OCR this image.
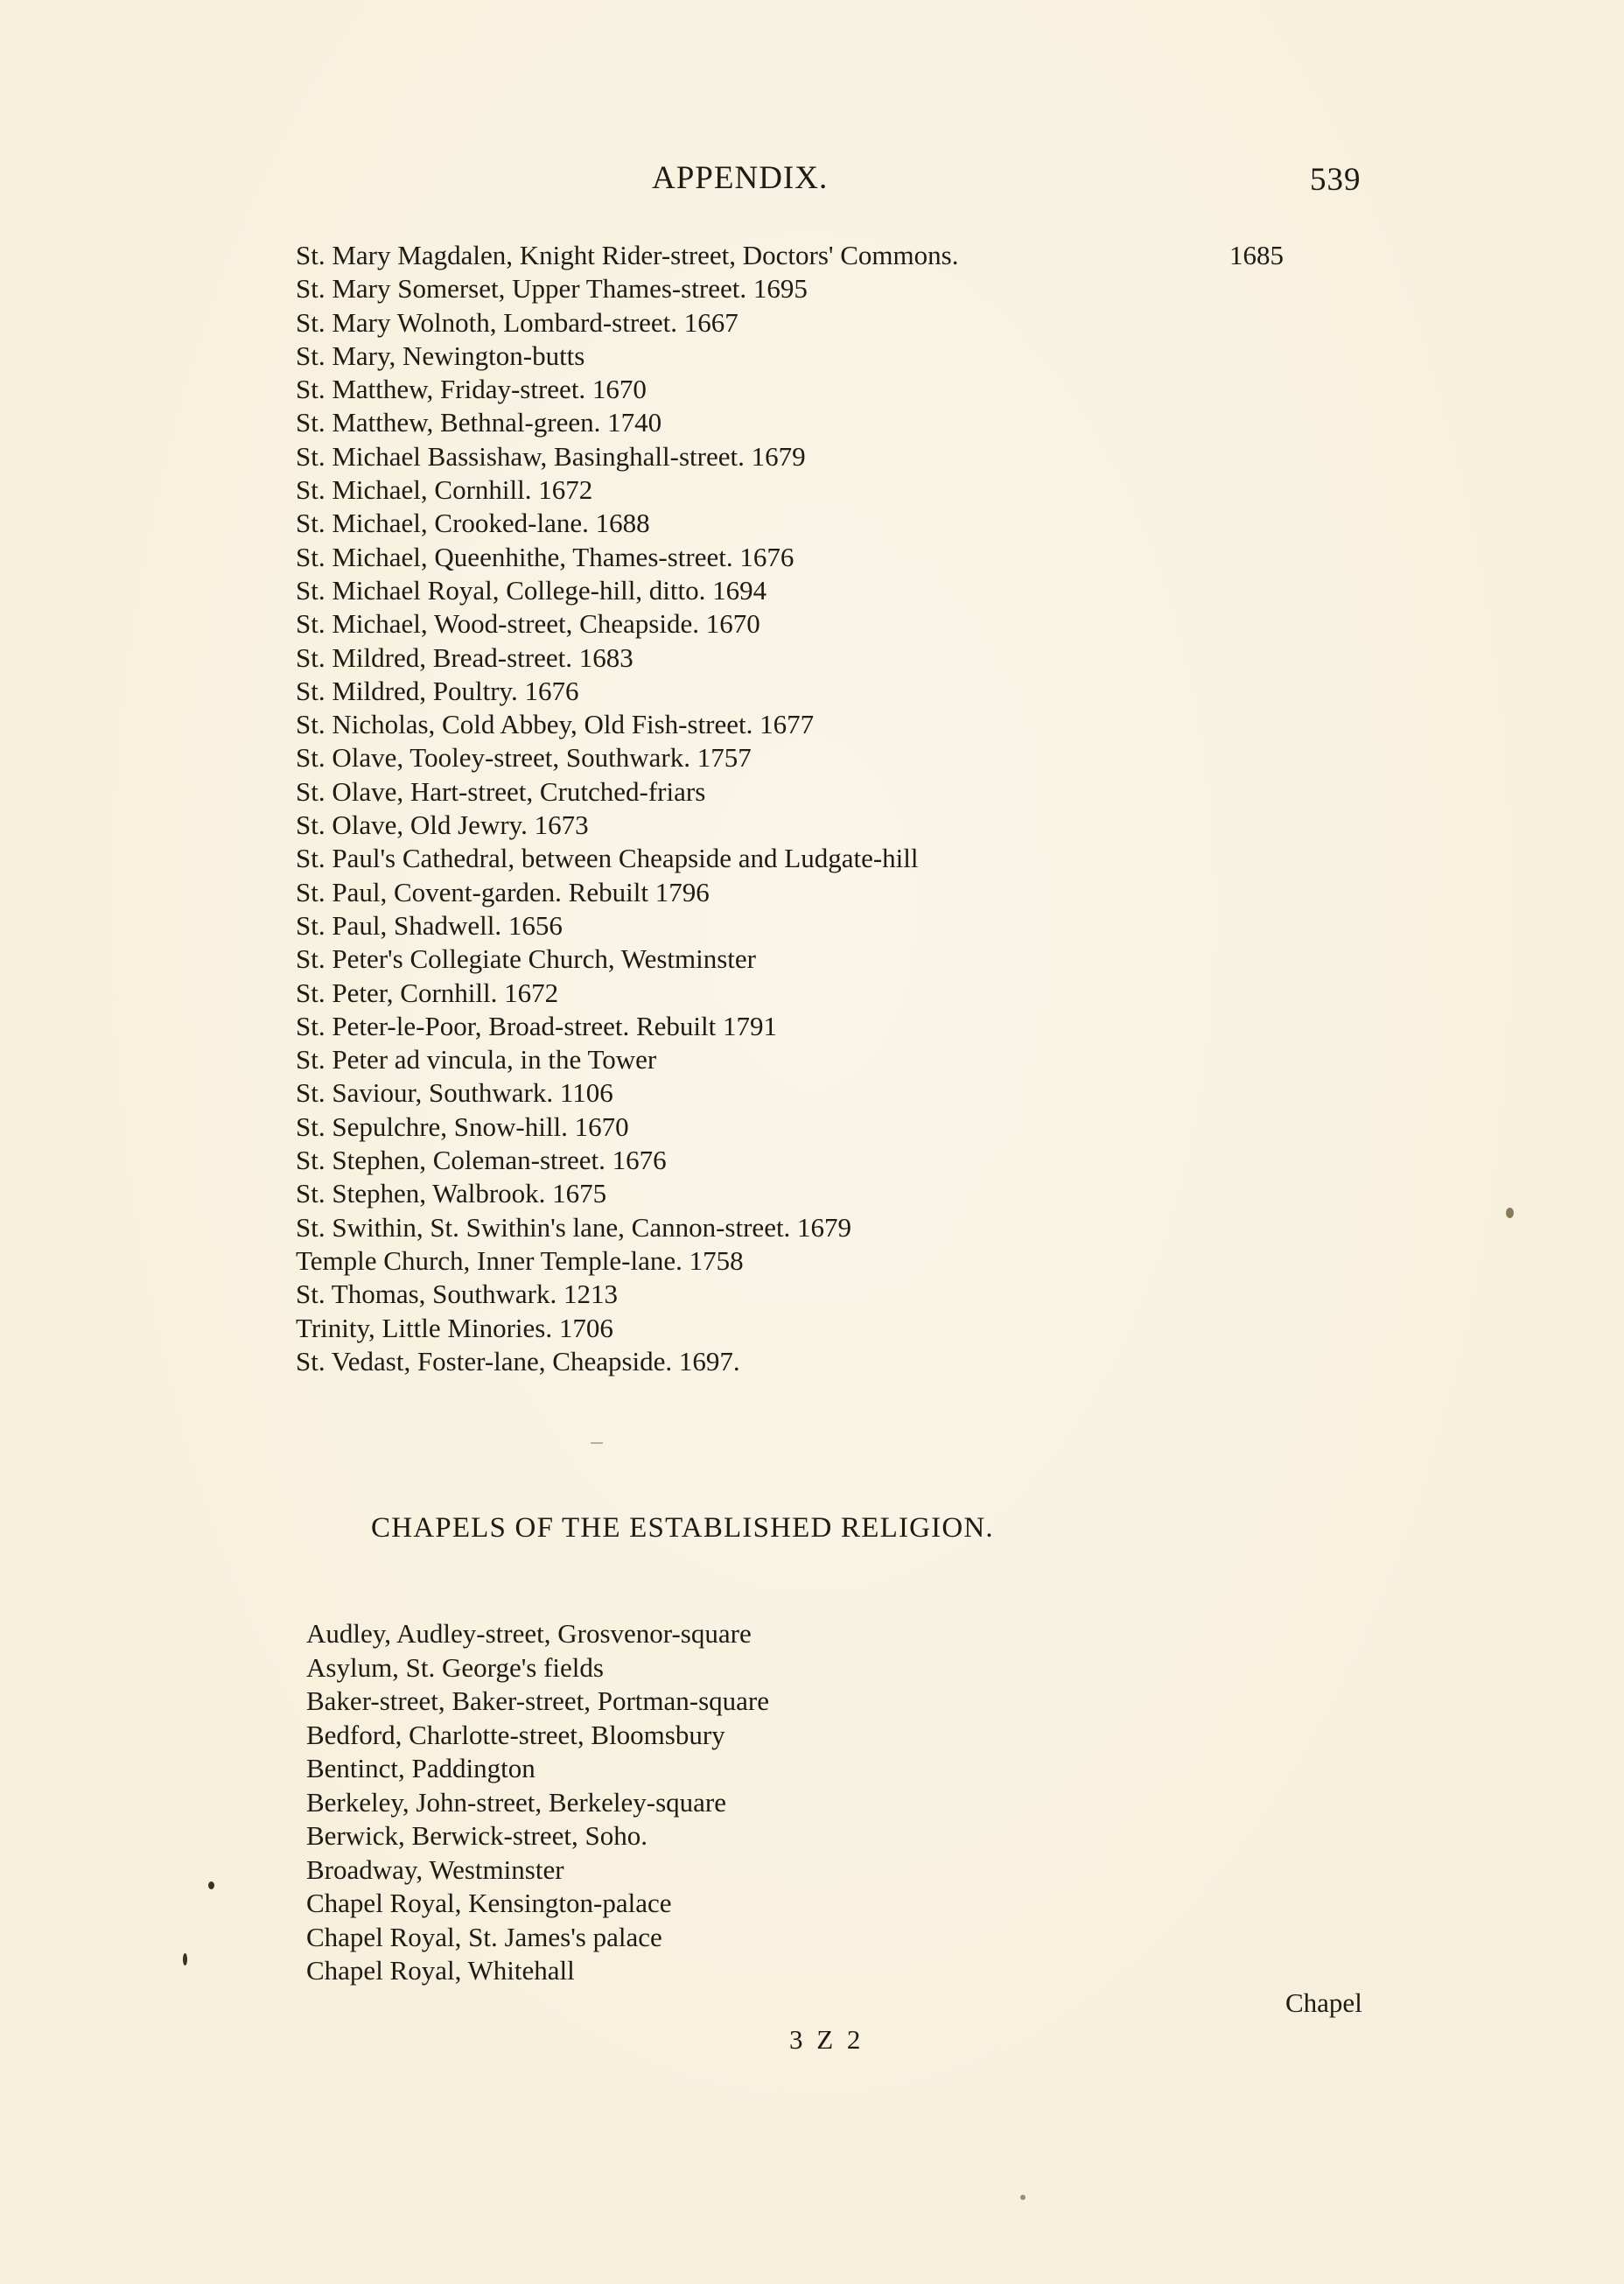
APPENDIX.	539
St. Mary Magdalen, Knight Rider-street, Doctors' Commons.
St. Mary Somerset, Upper Thames-street. 1695
St. Mary Wolnoth, Lombard-street. 1667
St. Mary, Newington-butts
St. Matthew, Friday-street. 1670
St. Matthew, Bethnal-green. 1740
St. Michael Bassishaw, Basinghall-street. 1679
St. Michael, Cornhill. 1672
St. Michael, Crooked-lane. 1688
St. Michael, Queenhithe, Thames-street. 1676
St. Michael Royal, College-hill, ditto. 1694
St. Michael, Wood-street, Cheapside. 1670
St. Mildred, Bread-street. 1683
St. Mildred, Poultry. 1676
St. Nicholas, Cold Abbey, Old Fish-street. 1677
St. Olave, Tooley-street, Southwark. 1757
St. Olave, Hart-street, Crutched-friars
St. Olave, Old Jewry. 1673
St. Paul's Cathedral, between Cheapside and Ludgate-hill
St. Paul, Covent-garden. Rebuilt 1796
St. Paul, Shadwell. 1656
St. Peter's Collegiate Church, Westminster
St. Peter, Cornhill. 1672
St. Peter-le-Poor, Broad-street. Rebuilt 1791
St. Peter ad vincula, in the Tower
St. Saviour, Southwark. 1106
St. Sepulchre, Snow-hill. 1670
St. Stephen, Coleman-street. 1676
St. Stephen, Walbrook. 1675
St. Swithin, St. Swithin's lane, Cannon-street. 1679
Temple Church, Inner Temple-lane. 1758
St. Thomas, Southwark. 1213
Trinity, Little Minories. 1706
St. Vedast, Foster-lane, Cheapside. 1697.
1685
CHAPELS OF THE ESTABLISHED RELIGION.
Audley, Audley-street, Grosvenor-square
Asylum, St. George's fields
Baker-street, Baker-street, Portman-square
Bedford, Charlotte-street, Bloomsbury
Bentinct, Paddington
Berkeley, John-street, Berkeley-square
Berwick, Berwick-street, Soho.
Broadway, Westminster
Chapel Royal, Kensington-palace
Chapel Royal, St. James's palace
Chapel Royal, Whitehall
Chapel
3 Z 2
